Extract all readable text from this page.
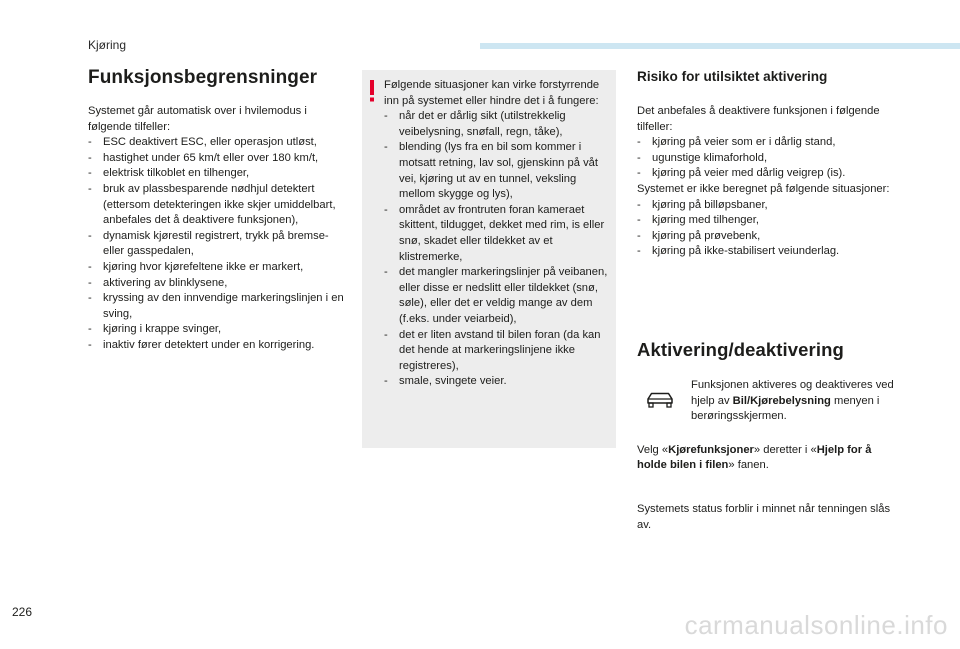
Kjøring
Funksjonsbegrensninger

Systemet går automatisk over i hvilemodus i følgende tilfeller:

- ESC deaktivert ESC, eller operasjon utløst,
- hastighet under 65 km/t eller over 180 km/t,
- elektrisk tilkoblet en tilhenger,
- bruk av plassbesparende nødhjul detektert (ettersom detekteringen ikke skjer umiddelbart, anbefales det å deaktivere funksjonen),
- dynamisk kjørestil registrert, trykk på bremse- eller gasspedalen,
- kjøring hvor kjørefeltene ikke er markert,
- aktivering av blinklysene,
- kryssing av den innvendige markeringslinjen i en sving,
- kjøring i krappe svinger,
- inaktiv fører detektert under en korrigering.

Følgende situasjoner kan virke forstyrrende inn på systemet eller hindre det i å fungere:

- når det er dårlig sikt (utilstrekkelig veibelysning, snøfall, regn, tåke),
- blending (lys fra en bil som kommer i motsatt retning, lav sol, gjenskinn på våt vei, kjøring ut av en tunnel, veksling mellom skygge og lys),
- området av frontruten foran kameraet skittent, tildugget, dekket med rim, is eller snø, skadet eller tildekket av et klistremerke,
- det mangler markeringslinjer på veibanen, eller disse er nedslitt eller tildekket (snø, søle), eller det er veldig mange av dem (f.eks. under veiarbeid),
- det er liten avstand til bilen foran (da kan det hende at markeringslinjene ikke registreres),
- smale, svingete veier.
Risiko for utilsiktet aktivering

Det anbefales å deaktivere funksjonen i følgende tilfeller:

- kjøring på veier som er i dårlig stand,
- ugunstige klimaforhold,
- kjøring på veier med dårlig veigrep (is).

Systemet er ikke beregnet på følgende situasjoner:

- kjøring på billøpsbaner,
- kjøring med tilhenger,
- kjøring på prøvebenk,
- kjøring på ikke-stabilisert veiunderlag.
Aktivering/deaktivering

Funksjonen aktiveres og deaktiveres ved hjelp av Bil/Kjørebelysning menyen i berøringsskjermen.

Velg «Kjørefunksjoner» deretter i «Hjelp for å holde bilen i filen» fanen.

Systemets status forblir i minnet når tenningen slås av.

226	carmanualsonline.info
